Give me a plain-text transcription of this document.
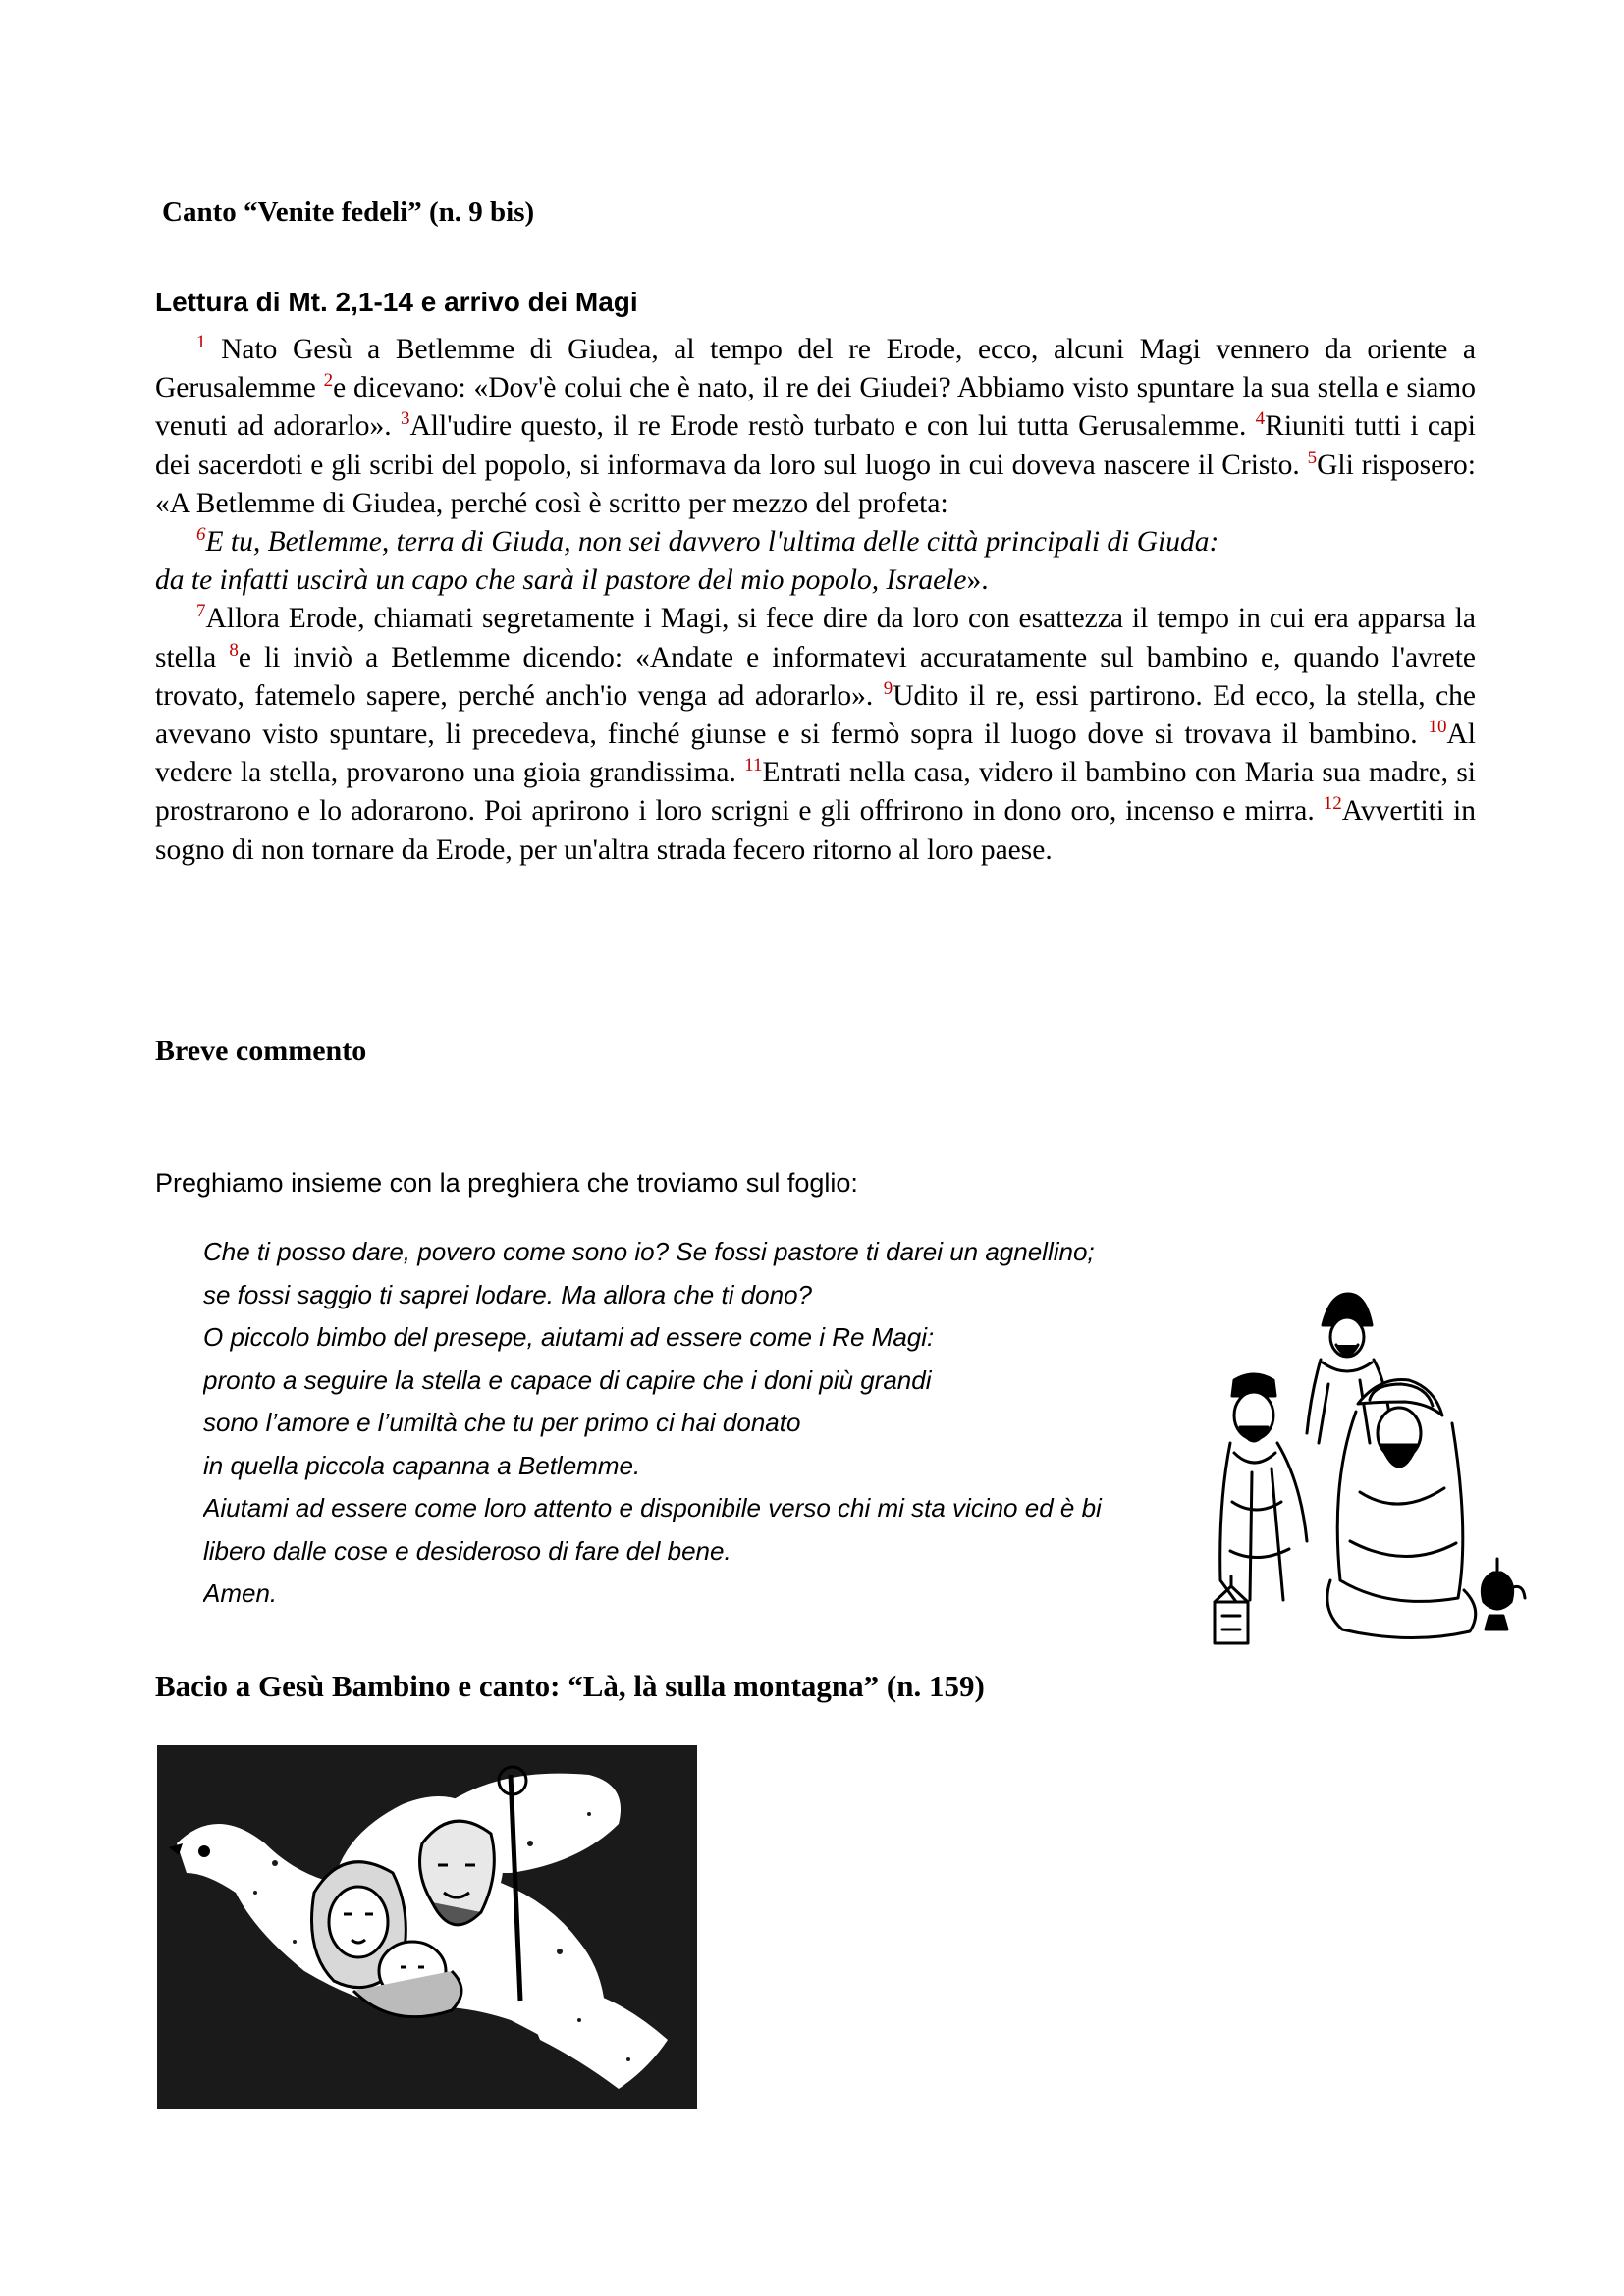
Canto “Venite fedeli” (n. 9 bis)
Lettura di Mt. 2,1-14 e arrivo dei Magi

$^1$ Nato Gesù a Betlemme di Giudea, al tempo del re Erode, ecco, alcuni Magi vennero da oriente a Gerusalemme $^2$e dicevano: «Dov'è colui che è nato, il re dei Giudei? Abbiamo visto spuntare la sua stella e siamo venuti ad adorarlo». $^3$All'udire questo, il re Erode restò turbato e con lui tutta Gerusalemme. $^4$Riuniti tutti i capi dei sacerdoti e gli scribi del popolo, si informava da loro sul luogo in cui doveva nascere il Cristo. $^5$Gli risposero: «A Betlemme di Giudea, perché così è scritto per mezzo del profeta:

$^6$E tu, Betlemme, terra di Giuda, non sei davvero l'ultima delle città principali di Giuda:

da te infatti uscirà un capo che sarà il pastore del mio popolo, Israele».

$^7$Allora Erode, chiamati segretamente i Magi, si fece dire da loro con esattezza il tempo in cui era apparsa la stella $^8$e li inviò a Betlemme dicendo: «Andate e informatevi accuratamente sul bambino e, quando l'avrete trovato, fatemelo sapere, perché anch'io venga ad adorarlo». $^9$Udito il re, essi partirono. Ed ecco, la stella, che avevano visto spuntare, li precedeva, finché giunse e si fermò sopra il luogo dove si trovava il bambino. $^{10}$Al vedere la stella, provarono una gioia grandissima. $^{11}$Entrati nella casa, videro il bambino con Maria sua madre, si prostrarono e lo adorarono. Poi aprirono i loro scrigni e gli offrirono in dono oro, incenso e mirra. $^{12}$Avvertiti in sogno di non tornare da Erode, per un'altra strada fecero ritorno al loro paese.

Breve commento
Preghiamo insieme con la preghiera che troviamo sul foglio:
Che ti posso dare, povero come sono io? Se fossi pastore ti darei un agnellino;
se fossi saggio ti saprei lodare. Ma allora che ti dono?
O piccolo bimbo del presepe, aiutami ad essere come i Re Magi:
pronto a seguire la stella e capace di capire che i doni più grandi
sono l’amore e l’umiltà che tu per primo ci hai donato
in quella piccola capanna a Betlemme.
Aiutami ad essere come loro attento e disponibile verso chi mi sta vicino ed è bi
libero dalle cose e desideroso di fare del bene.
Amen.
Bacio a Gesù Bambino e canto: “Là, là sulla montagna” (n. 159)
